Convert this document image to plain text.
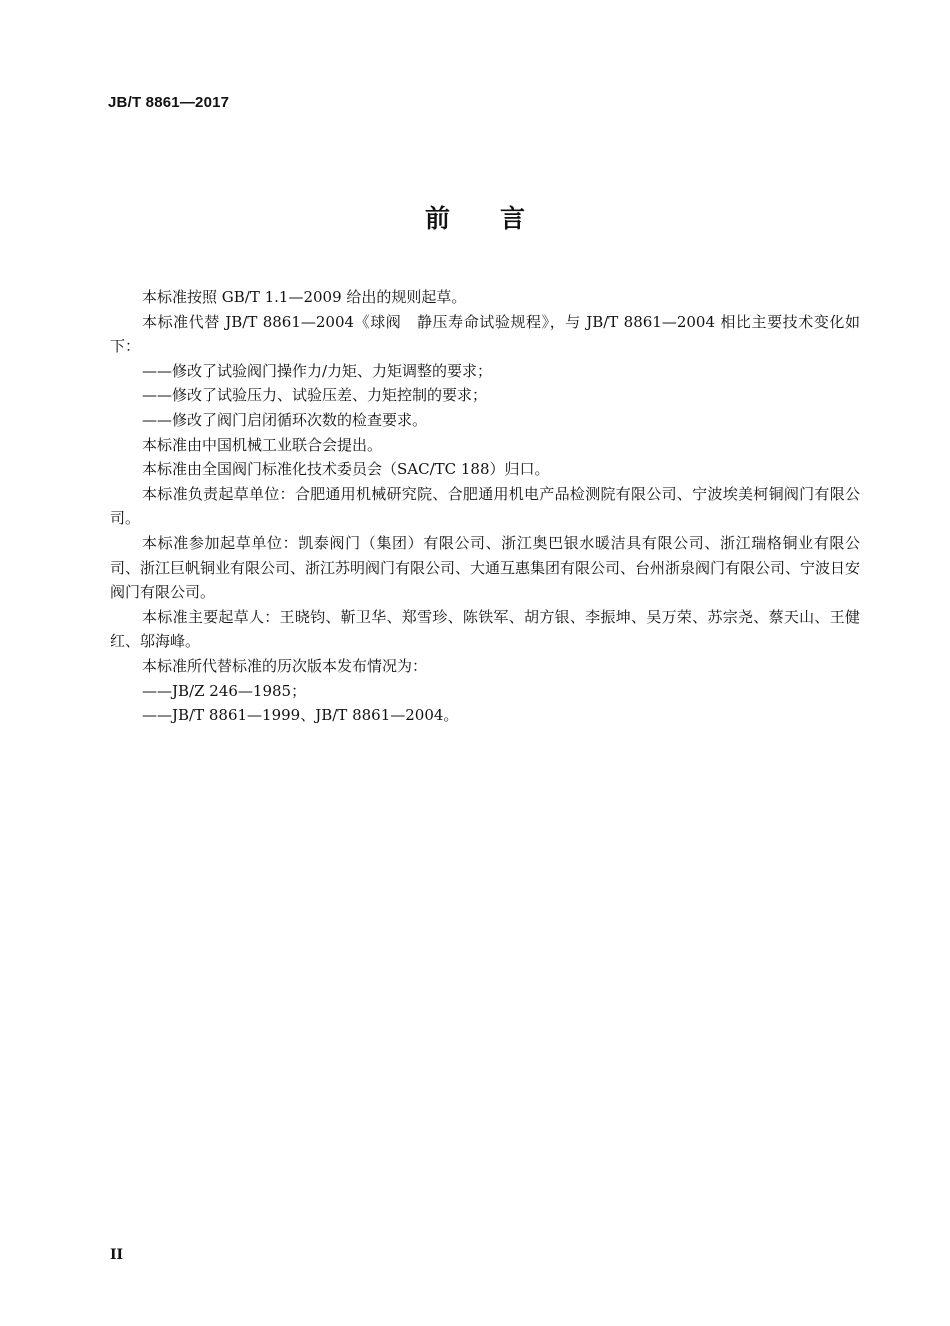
JB/T 8861—2017
前 言

本标准按照 GB/T 1.1—2009 给出的规则起草。

本标准代替 JB/T 8861—2004《球阀　静压寿命试验规程》，与 JB/T 8861—2004 相比主要技术变化如下：

——修改了试验阀门操作力/力矩、力矩调整的要求；

——修改了试验压力、试验压差、力矩控制的要求；

——修改了阀门启闭循环次数的检查要求。

本标准由中国机械工业联合会提出。

本标准由全国阀门标准化技术委员会（SAC/TC 188）归口。

本标准负责起草单位：合肥通用机械研究院、合肥通用机电产品检测院有限公司、宁波埃美柯铜阀门有限公司。

本标准参加起草单位：凯泰阀门（集团）有限公司、浙江奥巴银水暖洁具有限公司、浙江瑞格铜业有限公司、浙江巨帆铜业有限公司、浙江苏明阀门有限公司、大通互惠集团有限公司、台州浙泉阀门有限公司、宁波日安阀门有限公司。

本标准主要起草人：王晓钧、靳卫华、郑雪珍、陈铁军、胡方银、李振坤、吴万荣、苏宗尧、蔡天山、王健红、邬海峰。

本标准所代替标准的历次版本发布情况为：

——JB/Z 246—1985；

——JB/T 8861—1999、JB/T 8861—2004。

II
